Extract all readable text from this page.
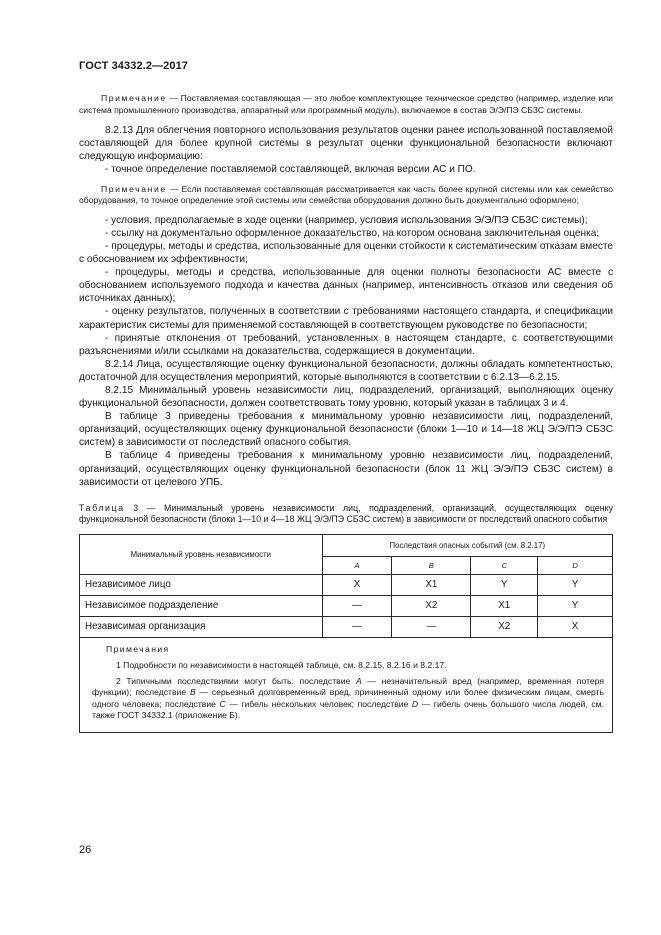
ГОСТ 34332.2—2017
Примечание — Поставляемая составляющая — это любое комплектующее техническое средство (например, изделие или система промышленного производства, аппаратный или программный модуль), включаемое в состав Э/Э/ПЭ СБЗС системы.

8.2.13 Для облегчения повторного использования результатов оценки ранее использованной поставляемой составляющей для более крупной системы в результат оценки функциональной безопасности включают следующую информацию:

- точное определение поставляемой составляющей, включая версии АС и ПО.

Примечание — Если поставляемая составляющая рассматривается как часть более крупной системы или как семейство оборудования, то точное определение этой системы или семейства оборудования должно быть документально оформлено;

- условия, предполагаемые в ходе оценки (например, условия использования Э/Э/ПЭ СБЗС системы);

- ссылку на документально оформленное доказательство, на котором основана заключительная оценка;

- процедуры, методы и средства, использованные для оценки стойкости к систематическим отказам вместе с обоснованием их эффективности;

- процедуры, методы и средства, использованные для оценки полноты безопасности АС вместе с обоснованием используемого подхода и качества данных (например, интенсивность отказов или сведения об источниках данных);

- оценку результатов, полученных в соответствии с требованиями настоящего стандарта, и спецификации характеристик системы для применяемой составляющей в соответствующем руководстве по безопасности;

- принятые отклонения от требований, установленных в настоящем стандарте, с соответствующими разъяснениями и/или ссылками на доказательства, содержащиеся в документации.

8.2.14 Лица, осуществляющие оценку функциональной безопасности, должны обладать компетентностью, достаточной для осуществления мероприятий, которые выполняются в соответствии с 6.2.13—6.2.15.

8.2.15 Минимальный уровень независимости лиц, подразделений, организаций, выполняющих оценку функциональной безопасности, должен соответствовать тому уровню, который указан в таблицах 3 и 4.

В таблице 3 приведены требования к минимальному уровню независимости лиц, подразделений, организаций, осуществляющих оценку функциональной безопасности (блоки 1—10 и 14—18 ЖЦ Э/Э/ПЭ СБЗС систем) в зависимости от последствий опасного события.

В таблице 4 приведены требования к минимальному уровню независимости лиц, подразделений, организаций, осуществляющих оценку функциональной безопасности (блок 11 ЖЦ Э/Э/ПЭ СБЗС систем) в зависимости от целевого УПБ.

Таблица 3 — Минимальный уровень независимости лиц, подразделений, организаций, осуществляющих оценку функциональной безопасности (блоки 1—10 и 4—18 ЖЦ Э/Э/ПЭ СБЗС систем) в зависимости от последствий опасного события

Минимальный уровень независимости	Последствия опасных событий (см. 8.2.17)			
	A	B	C	D
Независимое лицо	X	X1	Y	Y
Независимое подразделение	—	X2	X1	Y
Независимая организация	—	—	X2	X

Примечания

1 Подробности по независимости в настоящей таблице, см. 8.2.15, 8.2.16 и 8.2.17.

2 Типичными последствиями могут быть: последствие A — незначительный вред (например, временная потеря функции); последствие B — серьезный долговременный вред, причиненный одному или более физическим лицам, смерть одного человека; последствие C — гибель нескольких человек; последствие D — гибель очень большого числа людей, см. также ГОСТ 34332.1 (приложение Б).				

26
